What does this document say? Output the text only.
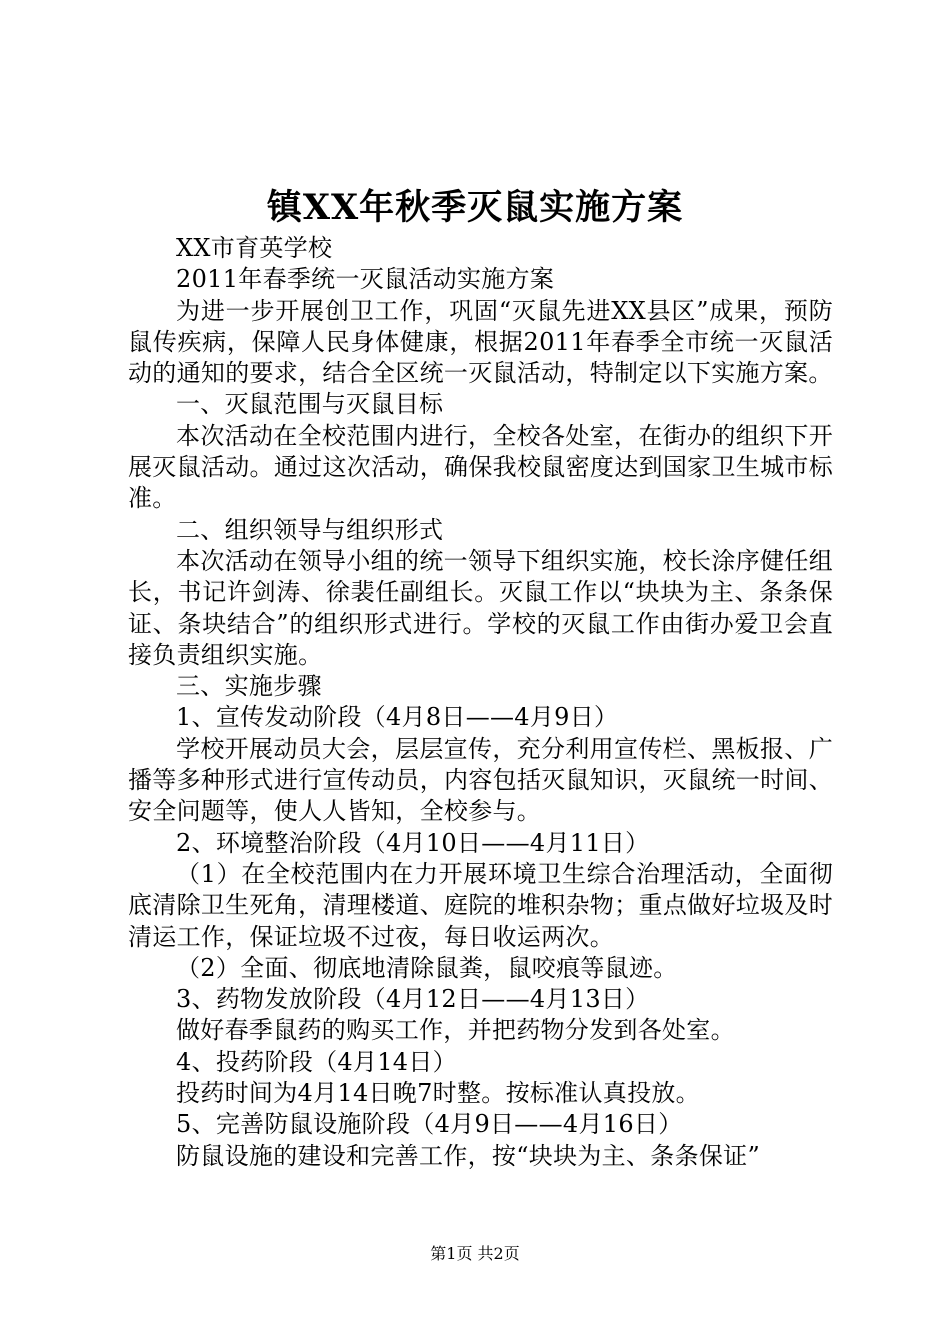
镇XX年秋季灭鼠实施方案

XX市育英学校

2011年春季统一灭鼠活动实施方案

为进一步开展创卫工作，巩固“灭鼠先进XX县区”成果，预防鼠传疾病，保障人民身体健康，根据2011年春季全市统一灭鼠活动的通知的要求，结合全区统一灭鼠活动，特制定以下实施方案。

一、灭鼠范围与灭鼠目标

本次活动在全校范围内进行，全校各处室，在街办的组织下开展灭鼠活动。通过这次活动，确保我校鼠密度达到国家卫生城市标准。

二、组织领导与组织形式

本次活动在领导小组的统一领导下组织实施，校长涂序健任组长，书记许剑涛、徐裴任副组长。灭鼠工作以“块块为主、条条保证、条块结合”的组织形式进行。学校的灭鼠工作由街办爱卫会直接负责组织实施。

三、实施步骤

1、宣传发动阶段（4月8日——4月9日）

学校开展动员大会，层层宣传，充分利用宣传栏、黑板报、广播等多种形式进行宣传动员，内容包括灭鼠知识，灭鼠统一时间、安全问题等，使人人皆知，全校参与。

2、环境整治阶段（4月10日——4月11日）

（1）在全校范围内在力开展环境卫生综合治理活动，全面彻底清除卫生死角，清理楼道、庭院的堆积杂物；重点做好垃圾及时清运工作，保证垃圾不过夜，每日收运两次。

（2）全面、彻底地清除鼠粪，鼠咬痕等鼠迹。

3、药物发放阶段（4月12日——4月13日）

做好春季鼠药的购买工作，并把药物分发到各处室。

4、投药阶段（4月14日）

投药时间为4月14日晚7时整。按标准认真投放。

5、完善防鼠设施阶段（4月9日——4月16日）

防鼠设施的建设和完善工作，按“块块为主、条条保证”

第1页 共2页
